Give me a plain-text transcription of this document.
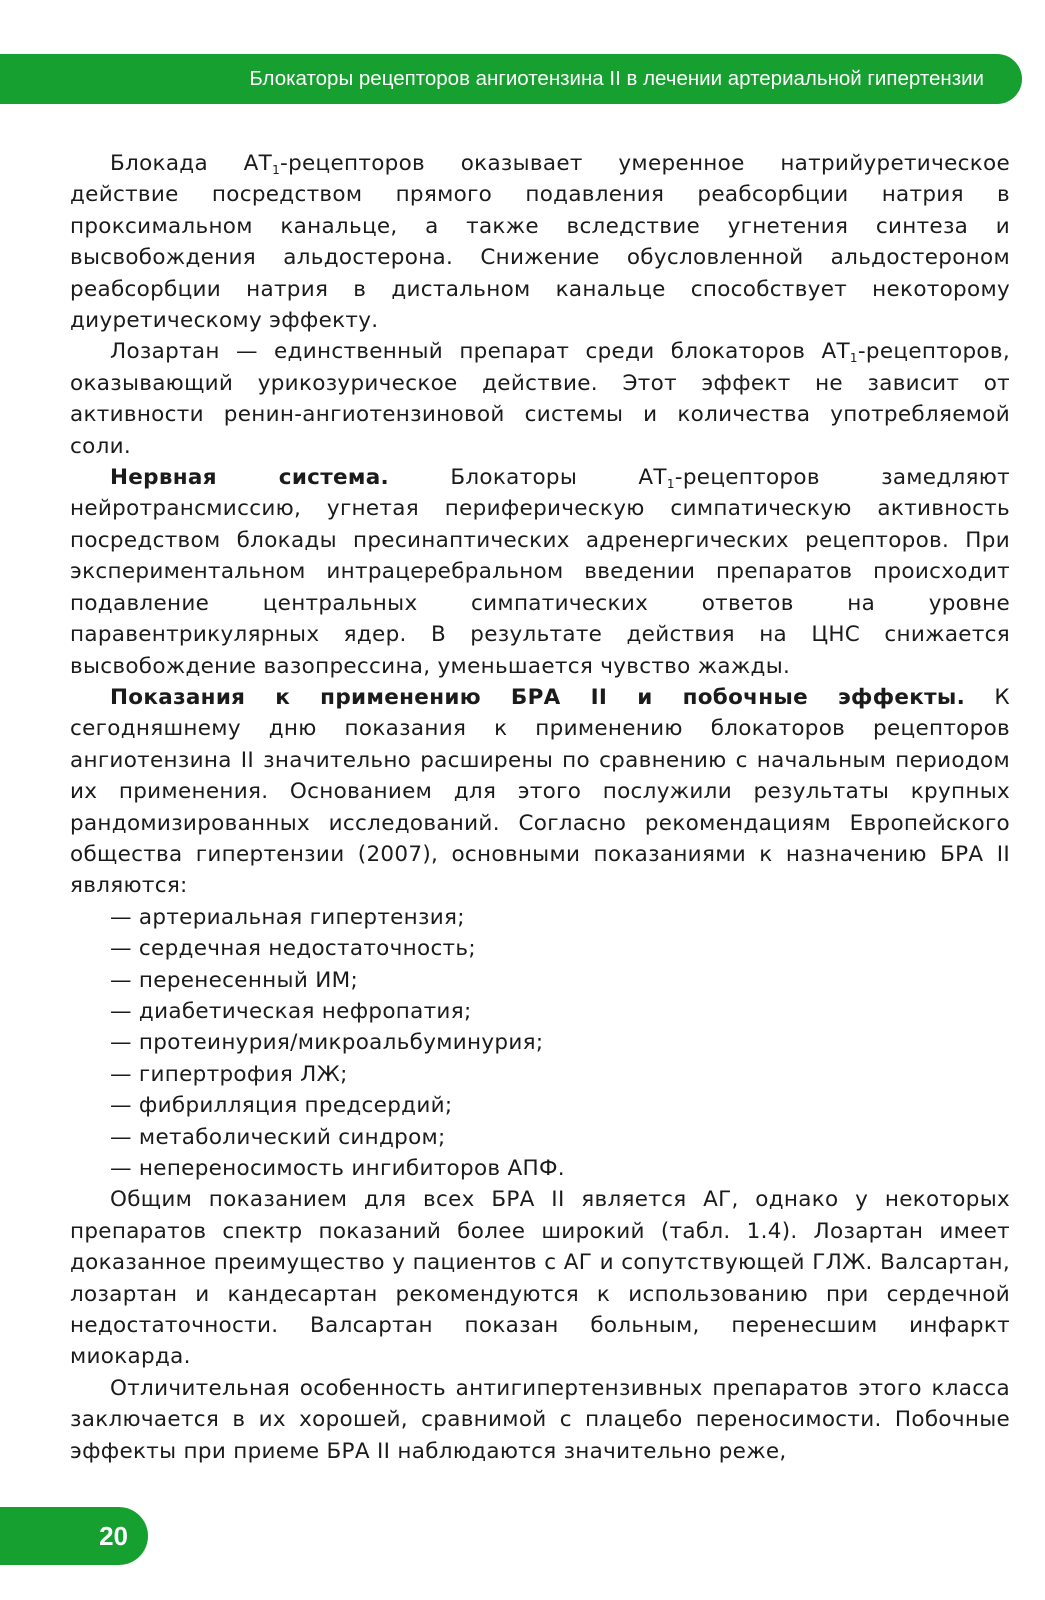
Блокаторы рецепторов ангиотензина II в лечении артериальной гипертензии

Блокада $АТ_1$-рецепторов оказывает умеренное натрийуретическое действие посредством прямого подавления реабсорбции натрия в проксимальном канальце, а также вследствие угнетения синтеза и высвобождения альдостерона. Снижение обусловленной альдостероном реабсорбции натрия в дистальном канальце способствует некоторому диуретическому эффекту.

Лозартан — единственный препарат среди блокаторов $АТ_1$-рецепторов, оказывающий урикозурическое действие. Этот эффект не зависит от активности ренин-ангиотензиновой системы и количества употребляемой соли.

Нервная система. Блокаторы $АТ_1$-рецепторов замедляют нейротрансмиссию, угнетая периферическую симпатическую активность посредством блокады пресинаптических адренергических рецепторов. При экспериментальном интрацеребральном введении препаратов происходит подавление центральных симпатических ответов на уровне паравентрикулярных ядер. В результате действия на ЦНС снижается высвобождение вазопрессина, уменьшается чувство жажды.

Показания к применению БРА II и побочные эффекты. К сегодняшнему дню показания к применению блокаторов рецепторов ангиотензина II значительно расширены по сравнению с начальным периодом их применения. Основанием для этого послужили результаты крупных рандомизированных исследований. Согласно рекомендациям Европейского общества гипертензии (2007), основными показаниями к назначению БРА II являются:

— артериальная гипертензия;
— сердечная недостаточность;
— перенесенный ИМ;
— диабетическая нефропатия;
— протеинурия/микроальбуминурия;
— гипертрофия ЛЖ;
— фибрилляция предсердий;
— метаболический синдром;
— непереносимость ингибиторов АПФ.

Общим показанием для всех БРА II является АГ, однако у некоторых препаратов спектр показаний более широкий (табл. 1.4). Лозартан имеет доказанное преимущество у пациентов с АГ и сопутствующей ГЛЖ. Валсартан, лозартан и кандесартан рекомендуются к использованию при сердечной недостаточности. Валсартан показан больным, перенесшим инфаркт миокарда.

Отличительная особенность антигипертензивных препаратов этого класса заключается в их хорошей, сравнимой с плацебо переносимости. Побочные эффекты при приеме БРА II наблюдаются значительно реже,

20
